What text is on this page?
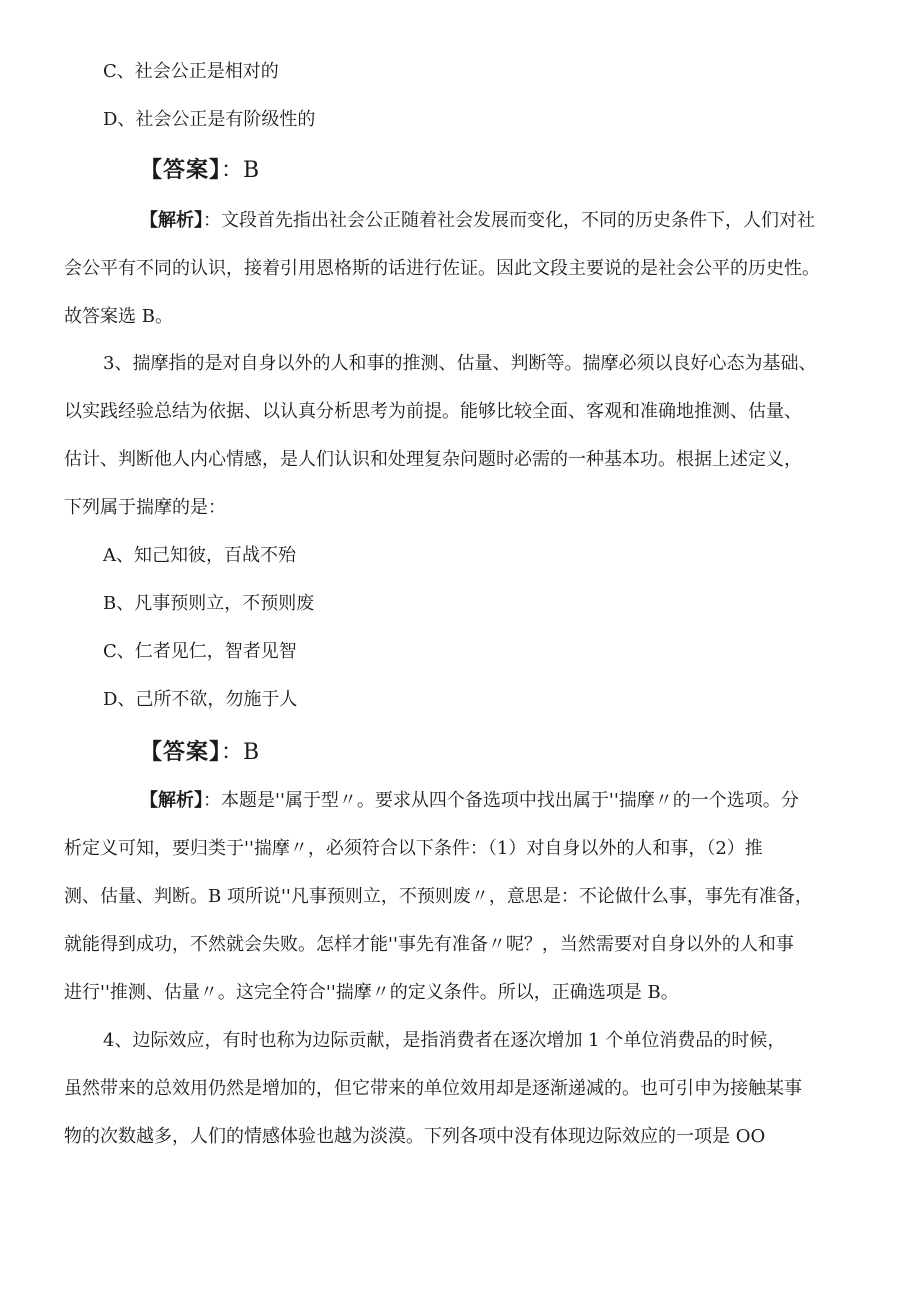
C、社会公正是相对的
D、社会公正是有阶级性的
【答案】：B
【解析】：文段首先指出社会公正随着社会发展而变化，不同的历史条件下，人们对社
会公平有不同的认识，接着引用恩格斯的话进行佐证。因此文段主要说的是社会公平的历史性。
故答案选 B。
3、揣摩指的是对自身以外的人和事的推测、估量、判断等。揣摩必须以良好心态为基础、
以实践经验总结为依据、以认真分析思考为前提。能够比较全面、客观和准确地推测、估量、
估计、判断他人内心情感，是人们认识和处理复杂问题时必需的一种基本功。根据上述定义，
下列属于揣摩的是：
A、知己知彼，百战不殆
B、凡事预则立，不预则废
C、仁者见仁，智者见智
D、己所不欲，勿施于人
【答案】：B
【解析】：本题是''属于型〃。要求从四个备选项中找出属于''揣摩〃的一个选项。分
析定义可知，要归类于''揣摩〃，必须符合以下条件：（1）对自身以外的人和事，（2）推
测、估量、判断。B 项所说''凡事预则立，不预则废〃，意思是：不论做什么事，事先有准备，
就能得到成功，不然就会失败。怎样才能''事先有准备〃呢？，当然需要对自身以外的人和事
进行''推测、估量〃。这完全符合''揣摩〃的定义条件。所以，正确选项是 B。
4、边际效应，有时也称为边际贡献，是指消费者在逐次增加 1 个单位消费品的时候，
虽然带来的总效用仍然是增加的，但它带来的单位效用却是逐渐递减的。也可引申为接触某事
物的次数越多，人们的情感体验也越为淡漠。下列各项中没有体现边际效应的一项是 OO
